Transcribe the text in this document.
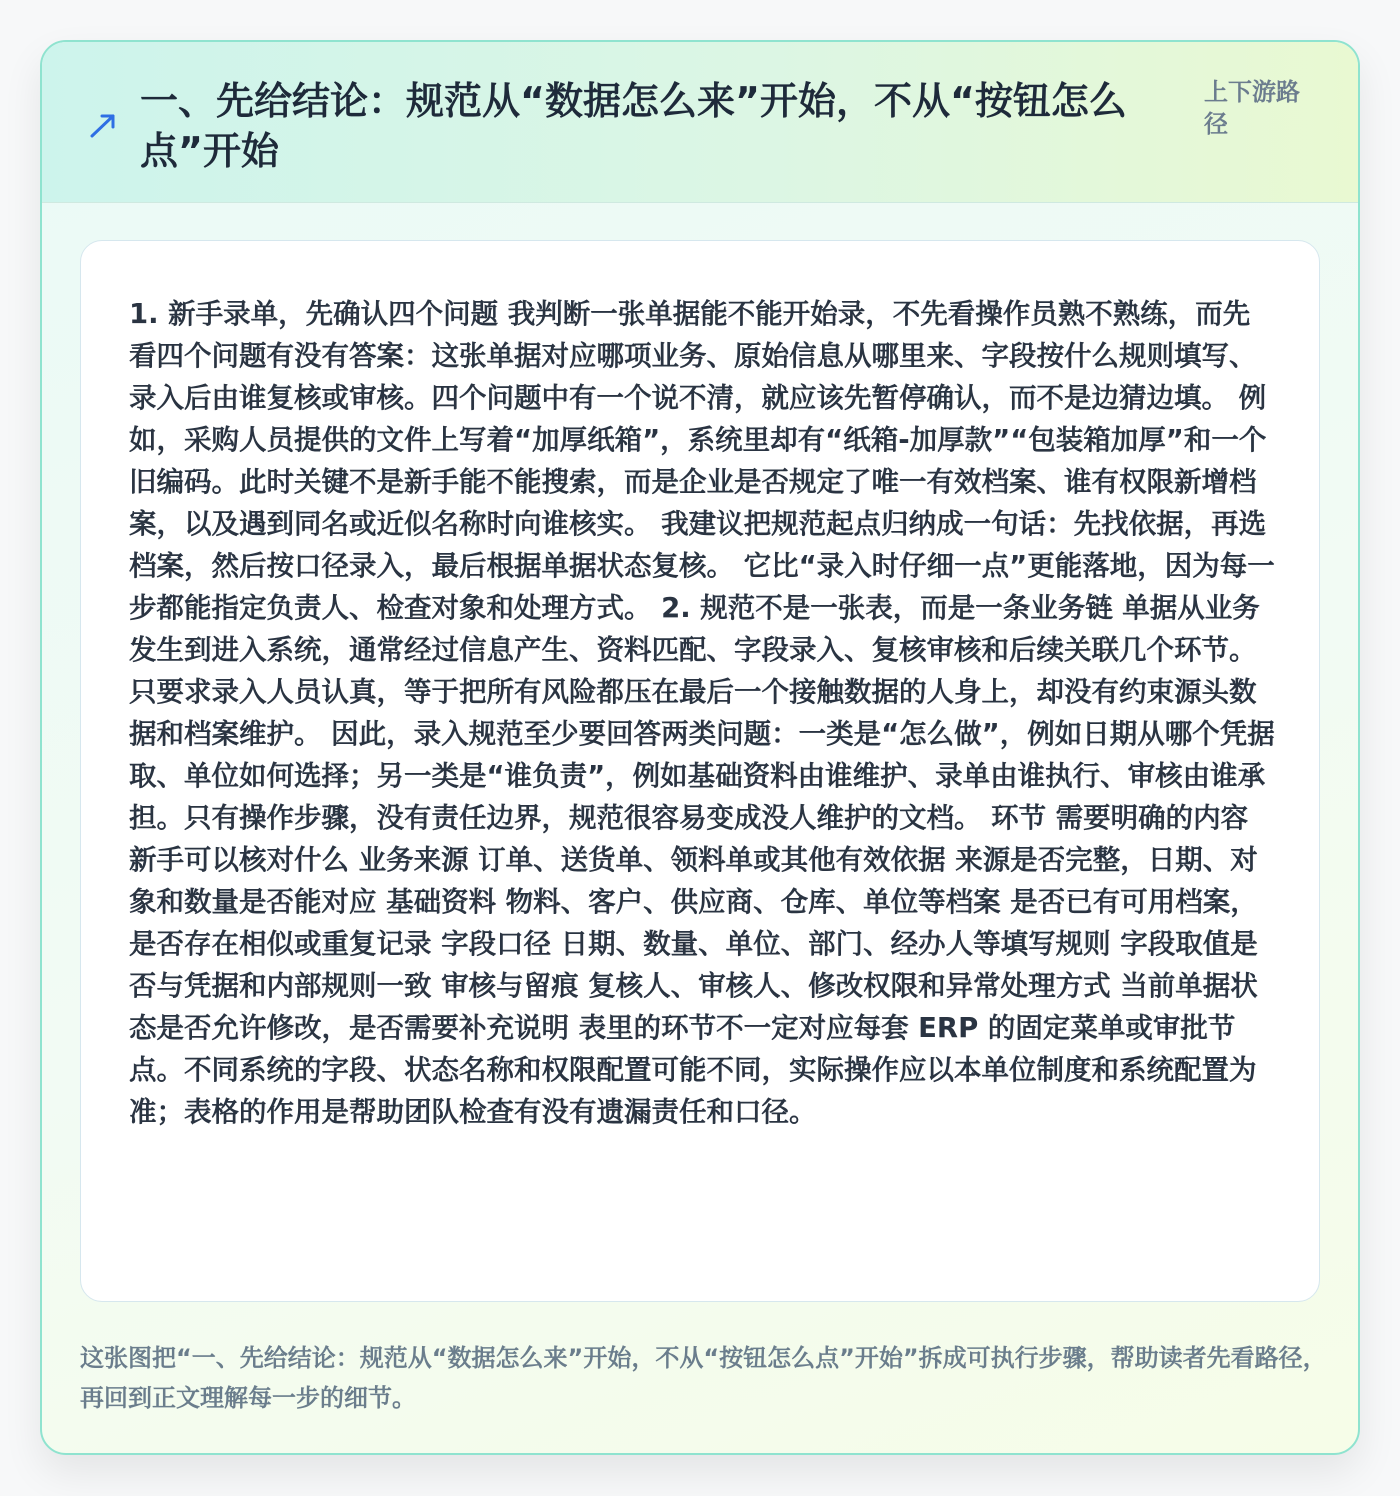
一、先给结论：规范从“数据怎么来”开始，不从“按钮怎么点”开始
上下游路径

1. 新手录单，先确认四个问题 我判断一张单据能不能开始录，不先看操作员熟不熟练，而先看四个问题有没有答案：这张单据对应哪项业务、原始信息从哪里来、字段按什么规则填写、录入后由谁复核或审核。四个问题中有一个说不清，就应该先暂停确认，而不是边猜边填。 例如，采购人员提供的文件上写着“加厚纸箱”，系统里却有“纸箱-加厚款”“包装箱加厚”和一个旧编码。此时关键不是新手能不能搜索，而是企业是否规定了唯一有效档案、谁有权限新增档案，以及遇到同名或近似名称时向谁核实。 我建议把规范起点归纳成一句话：先找依据，再选档案，然后按口径录入，最后根据单据状态复核。 它比“录入时仔细一点”更能落地，因为每一步都能指定负责人、检查对象和处理方式。 2. 规范不是一张表，而是一条业务链 单据从业务发生到进入系统，通常经过信息产生、资料匹配、字段录入、复核审核和后续关联几个环节。只要求录入人员认真，等于把所有风险都压在最后一个接触数据的人身上，却没有约束源头数据和档案维护。 因此，录入规范至少要回答两类问题：一类是“怎么做”，例如日期从哪个凭据取、单位如何选择；另一类是“谁负责”，例如基础资料由谁维护、录单由谁执行、审核由谁承担。只有操作步骤，没有责任边界，规范很容易变成没人维护的文档。 环节 需要明确的内容 新手可以核对什么 业务来源 订单、送货单、领料单或其他有效依据 来源是否完整，日期、对象和数量是否能对应 基础资料 物料、客户、供应商、仓库、单位等档案 是否已有可用档案，是否存在相似或重复记录 字段口径 日期、数量、单位、部门、经办人等填写规则 字段取值是否与凭据和内部规则一致 审核与留痕 复核人、审核人、修改权限和异常处理方式 当前单据状态是否允许修改，是否需要补充说明 表里的环节不一定对应每套 ERP 的固定菜单或审批节点。不同系统的字段、状态名称和权限配置可能不同，实际操作应以本单位制度和系统配置为准；表格的作用是帮助团队检查有没有遗漏责任和口径。

这张图把“一、先给结论：规范从“数据怎么来”开始，不从“按钮怎么点”开始”拆成可执行步骤，帮助读者先看路径，再回到正文理解每一步的细节。
